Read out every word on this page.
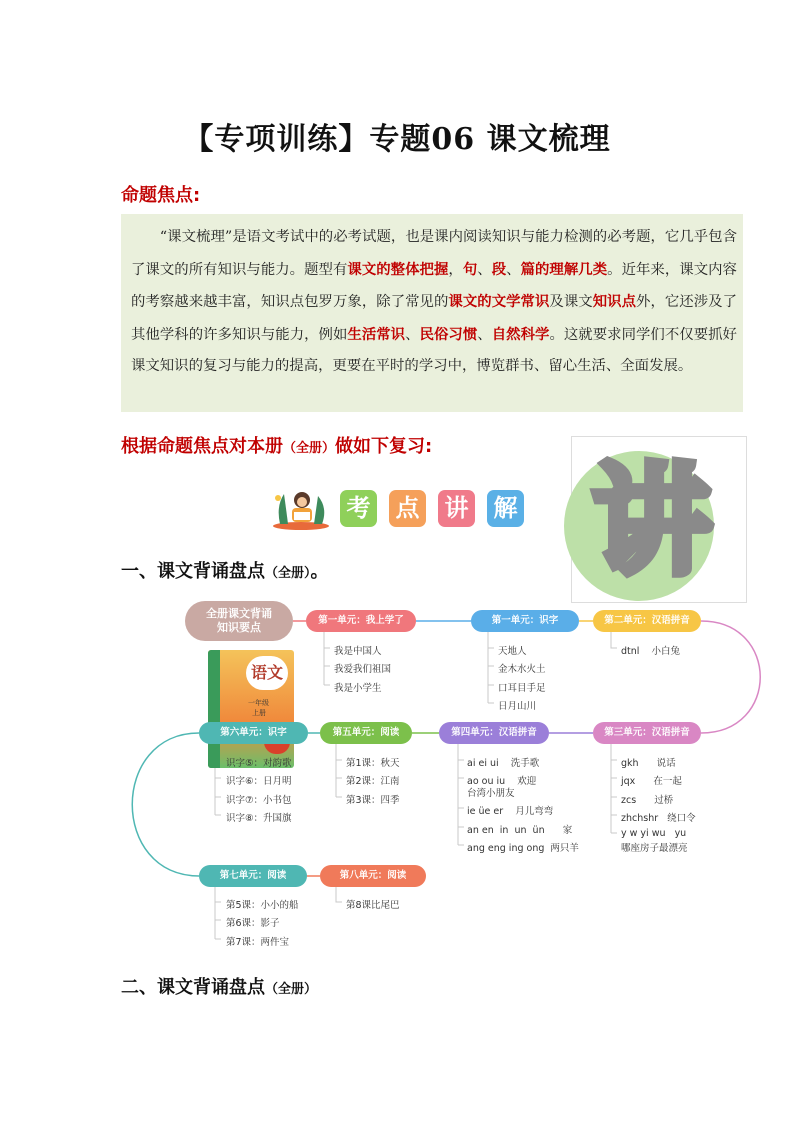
【专项训练】专题06 课文梳理
命题焦点:
“课文梳理”是语文考试中的必考试题，也是课内阅读知识与能力检测的必考题，它几乎包含了课文的所有知识与能力。题型有课文的整体把握，句、段、篇的理解几类。近年来，课文内容的考察越来越丰富，知识点包罗万象，除了常见的课文的文学常识及课文知识点外，它还涉及了其他学科的许多知识与能力，例如生活常识、民俗习惯、自然科学。这就要求同学们不仅要抓好课文知识的复习与能力的提高，更要在平时的学习中，博览群书、留心生活、全面发展。
根据命题焦点对本册（全册）做如下复习:
讲
考 点 讲 解
一、课文背诵盘点（全册）。
语文
一年级
上册
全册课文背诵
知识要点
第一单元：我上学了	第一单元：识字	第二单元：汉语拼音
第三单元：汉语拼音
第四单元：汉语拼音
第五单元：阅读
第六单元：识字
第七单元：阅读	第八单元：阅读
我是中国人
我爱我们祖国
我是小学生
天地人
金木水火土
口耳目手足
日月山川
dtnl    小白兔
gkh      说话
jqx      在一起
zcs      过桥
zhchshr   绕口令
y w yi wu   yu
哪座房子最漂亮
ai ei ui    洗手歌
ao ou iu    欢迎
台湾小朋友
ie üe er    月儿弯弯
an en  in  un  ün      家
ang eng ing ong  两只羊
第1课：秋天
第2课：江南
第3课：四季
识字⑤：对韵歌
识字⑥：日月明
识字⑦：小书包
识字⑧：升国旗
第5课：小小的船
第6课：影子
第7课：两件宝
第8课比尾巴
二、课文背诵盘点（全册）
